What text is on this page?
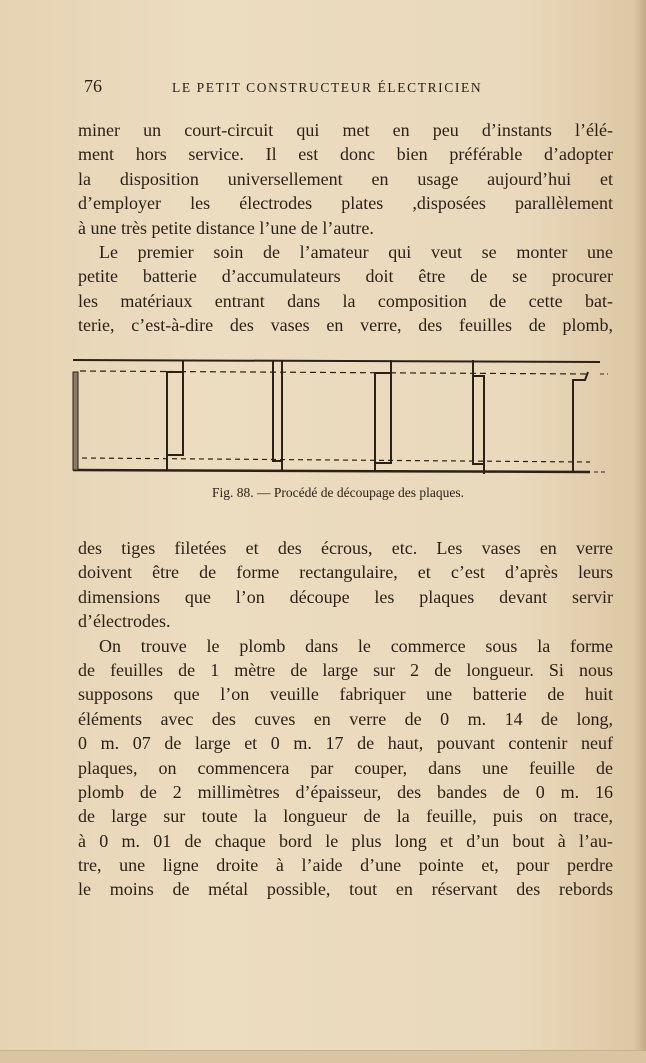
76	LE PETIT CONSTRUCTEUR ÉLECTRICIEN
miner un court-circuit qui met en peu d’instants l’élé-
ment hors service. Il est donc bien préférable d’adopter
la disposition universellement en usage aujourd’hui et
d’employer les électrodes plates ,disposées parallèlement
à une très petite distance l’une de l’autre.
Le premier soin de l’amateur qui veut se monter une
petite batterie d’accumulateurs doit être de se procurer
les matériaux entrant dans la composition de cette bat-
terie, c’est-à-dire des vases en verre, des feuilles de plomb,
Fig. 88. — Procédé de découpage des plaques.
des tiges filetées et des écrous, etc. Les vases en verre
doivent être de forme rectangulaire, et c’est d’après leurs
dimensions que l’on découpe les plaques devant servir
d’électrodes.
On trouve le plomb dans le commerce sous la forme
de feuilles de 1 mètre de large sur 2 de longueur. Si nous
supposons que l’on veuille fabriquer une batterie de huit
éléments avec des cuves en verre de 0 m. 14 de long,
0 m. 07 de large et 0 m. 17 de haut, pouvant contenir neuf
plaques, on commencera par couper, dans une feuille de
plomb de 2 millimètres d’épaisseur, des bandes de 0 m. 16
de large sur toute la longueur de la feuille, puis on trace,
à 0 m. 01 de chaque bord le plus long et d’un bout à l’au-
tre, une ligne droite à l’aide d’une pointe et, pour perdre
le moins de métal possible, tout en réservant des rebords
